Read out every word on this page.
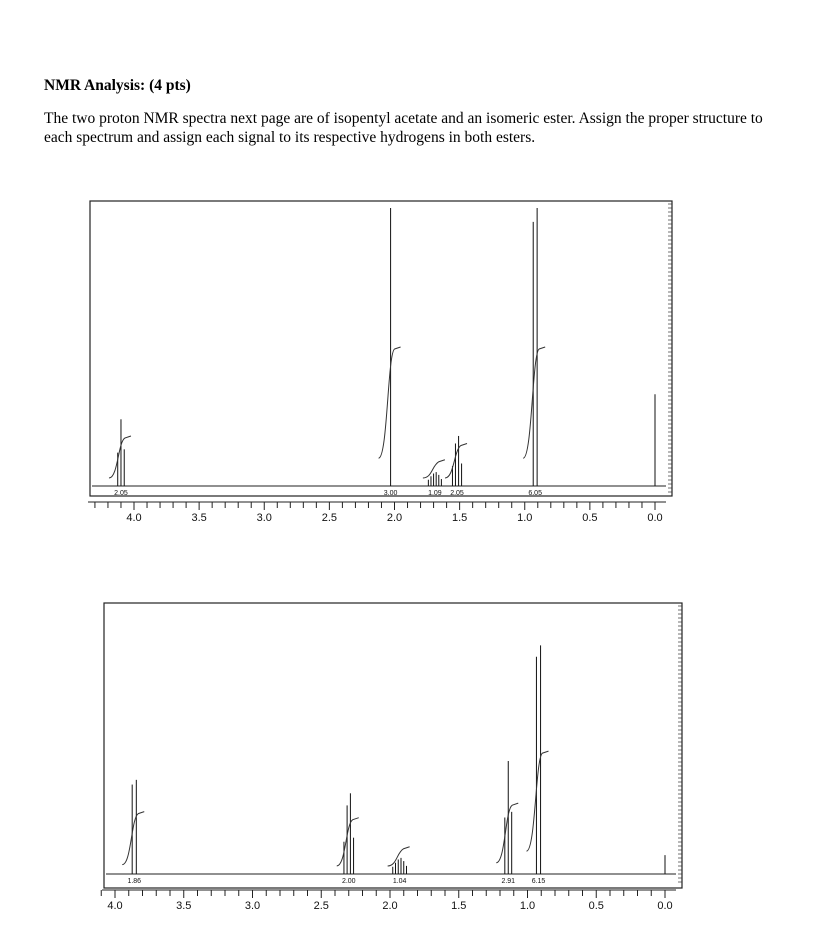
NMR Analysis: (4 pts)

The two proton NMR spectra next page are of isopentyl acetate and an isomeric ester. Assign the proper structure to each spectrum and assign each signal to its respective hydrogens in both esters.

2.05	3.00	1.09 2.05	6.05
4.0	3.5	3.0	2.5	2.0	1.5	1.0	0.5	0.0
1.86	2.00	1.04	2.91 6.15
4.0	3.5	3.0	2.5	2.0	1.5	1.0	0.5	0.0
